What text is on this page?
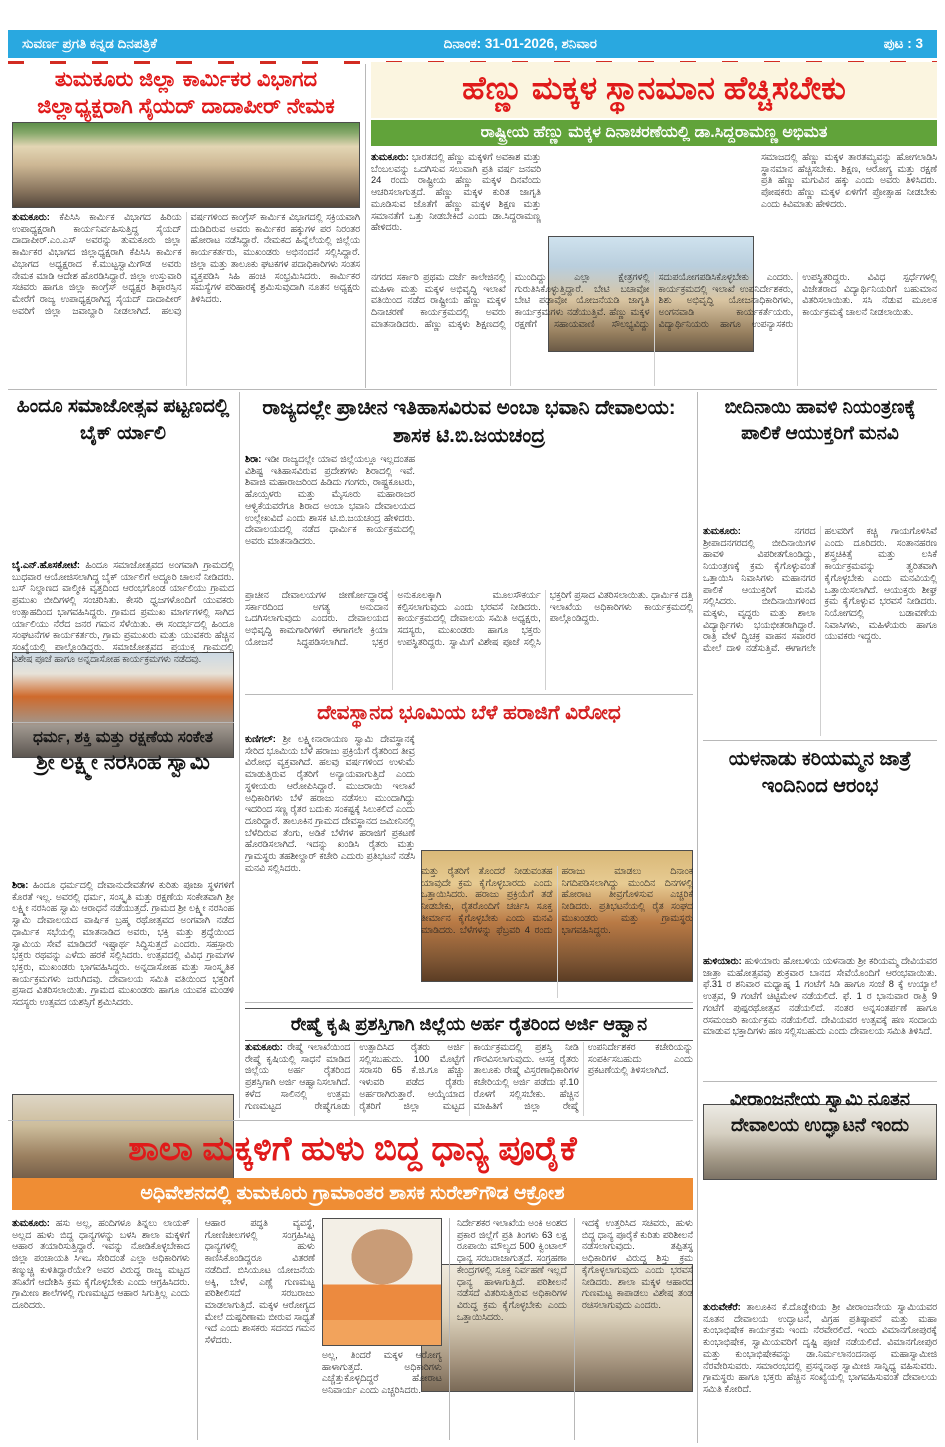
ಸುವರ್ಣ ಪ್ರಗತಿ ಕನ್ನಡ ದಿನಪತ್ರಿಕೆ	ದಿನಾಂಕ: 31-01-2026, ಶನಿವಾರ	ಪುಟ : 3
ತುಮಕೂರು ಜಿಲ್ಲಾ ಕಾರ್ಮಿಕರ ವಿಭಾಗದ ಜಿಲ್ಲಾಧ್ಯಕ್ಷರಾಗಿ ಸೈಯದ್ ದಾದಾಪೀರ್ ನೇಮಕ
ತುಮಕೂರು: ಕೆಪಿಸಿಸಿ ಕಾರ್ಮಿಕ ವಿಭಾಗದ ಹಿರಿಯ ಉಪಾಧ್ಯಕ್ಷರಾಗಿ ಕಾರ್ಯನಿರ್ವಹಿಸುತ್ತಿದ್ದ ಸೈಯದ್ ದಾದಾಪೀರ್.ಎಂ.ಎಸ್ ಅವರನ್ನು ತುಮಕೂರು ಜಿಲ್ಲಾ ಕಾರ್ಮಿಕರ ವಿಭಾಗದ ಜಿಲ್ಲಾಧ್ಯಕ್ಷರಾಗಿ ಕೆಪಿಸಿಸಿ ಕಾರ್ಮಿಕ ವಿಭಾಗದ ಅಧ್ಯಕ್ಷರಾದ ಕೆ.ಮುಟ್ಟಸ್ವಾಮಿಗೌಡ ಅವರು ನೇಮಕ ಮಾಡಿ ಆದೇಶ ಹೊರಡಿಸಿದ್ದಾರೆ. ಜಿಲ್ಲಾ ಉಸ್ತುವಾರಿ ಸಚಿವರು ಹಾಗೂ ಜಿಲ್ಲಾ ಕಾಂಗ್ರೆಸ್ ಅಧ್ಯಕ್ಷರ ಶಿಫಾರಸ್ಸಿನ ಮೇರೆಗೆ ರಾಜ್ಯ ಉಪಾಧ್ಯಕ್ಷರಾಗಿದ್ದ ಸೈಯದ್ ದಾದಾಪೀರ್ ಅವರಿಗೆ ಜಿಲ್ಲಾ ಜವಾಬ್ದಾರಿ ನೀಡಲಾಗಿದೆ. ಹಲವು ವರ್ಷಗಳಿಂದ ಕಾಂಗ್ರೆಸ್ ಕಾರ್ಮಿಕ ವಿಭಾಗದಲ್ಲಿ ಸಕ್ರಿಯವಾಗಿ ದುಡಿದಿರುವ ಅವರು ಕಾರ್ಮಿಕರ ಹಕ್ಕುಗಳ ಪರ ನಿರಂತರ ಹೋರಾಟ ನಡೆಸಿದ್ದಾರೆ. ನೇಮಕದ ಹಿನ್ನೆಲೆಯಲ್ಲಿ ಜಿಲ್ಲೆಯ ಕಾರ್ಯಕರ್ತರು, ಮುಖಂಡರು ಅಭಿನಂದನೆ ಸಲ್ಲಿಸಿದ್ದಾರೆ. ಜಿಲ್ಲಾ ಮತ್ತು ತಾಲೂಕು ಘಟಕಗಳ ಪದಾಧಿಕಾರಿಗಳು ಸಂತಸ ವ್ಯಕ್ತಪಡಿಸಿ ಸಿಹಿ ಹಂಚಿ ಸಂಭ್ರಮಿಸಿದರು. ಕಾರ್ಮಿಕರ ಸಮಸ್ಯೆಗಳ ಪರಿಹಾರಕ್ಕೆ ಶ್ರಮಿಸುವುದಾಗಿ ನೂತನ ಅಧ್ಯಕ್ಷರು ತಿಳಿಸಿದರು.
ಹೆಣ್ಣು ಮಕ್ಕಳ ಸ್ಥಾನಮಾನ ಹೆಚ್ಚಿಸಬೇಕು
ರಾಷ್ಟ್ರೀಯ ಹೆಣ್ಣು ಮಕ್ಕಳ ದಿನಾಚರಣೆಯಲ್ಲಿ ಡಾ.ಸಿದ್ದರಾಮಣ್ಣ ಅಭಿಮತ
ತುಮಕೂರು: ಭಾರತದಲ್ಲಿ ಹೆಣ್ಣು ಮಕ್ಕಳಿಗೆ ಅವಕಾಶ ಮತ್ತು ಬೆಂಬಲವನ್ನು ಒದಗಿಸುವ ಸಲುವಾಗಿ ಪ್ರತಿ ವರ್ಷ ಜನವರಿ 24 ರಂದು ರಾಷ್ಟ್ರೀಯ ಹೆಣ್ಣು ಮಕ್ಕಳ ದಿನವೆಂದು ಆಚರಿಸಲಾಗುತ್ತದೆ. ಹೆಣ್ಣು ಮಕ್ಕಳ ಕುರಿತ ಜಾಗೃತಿ ಮೂಡಿಸುವ ಜೊತೆಗೆ ಹೆಣ್ಣು ಮಕ್ಕಳ ಶಿಕ್ಷಣ ಮತ್ತು ಸಮಾನತೆಗೆ ಒತ್ತು ನೀಡಬೇಕಿದೆ ಎಂದು ಡಾ.ಸಿದ್ದರಾಮಣ್ಣ ಹೇಳಿದರು.
ಸಮಾಜದಲ್ಲಿ ಹೆಣ್ಣು ಮಕ್ಕಳ ತಾರತಮ್ಯವನ್ನು ಹೋಗಲಾಡಿಸಿ ಸ್ಥಾನಮಾನ ಹೆಚ್ಚಿಸಬೇಕು. ಶಿಕ್ಷಣ, ಆರೋಗ್ಯ ಮತ್ತು ರಕ್ಷಣೆ ಪ್ರತಿ ಹೆಣ್ಣು ಮಗುವಿನ ಹಕ್ಕು ಎಂದು ಅವರು ತಿಳಿಸಿದರು. ಪೋಷಕರು ಹೆಣ್ಣು ಮಕ್ಕಳ ಏಳಿಗೆಗೆ ಪ್ರೋತ್ಸಾಹ ನೀಡಬೇಕು ಎಂದು ಕಿವಿಮಾತು ಹೇಳಿದರು.
ನಗರದ ಸರ್ಕಾರಿ ಪ್ರಥಮ ದರ್ಜೆ ಕಾಲೇಜಿನಲ್ಲಿ ಮಹಿಳಾ ಮತ್ತು ಮಕ್ಕಳ ಅಭಿವೃದ್ಧಿ ಇಲಾಖೆ ವತಿಯಿಂದ ನಡೆದ ರಾಷ್ಟ್ರೀಯ ಹೆಣ್ಣು ಮಕ್ಕಳ ದಿನಾಚರಣೆ ಕಾರ್ಯಕ್ರಮದಲ್ಲಿ ಅವರು ಮಾತನಾಡಿದರು. ಹೆಣ್ಣು ಮಕ್ಕಳು ಶಿಕ್ಷಣದಲ್ಲಿ ಮುಂದಿದ್ದು ಎಲ್ಲಾ ಕ್ಷೇತ್ರಗಳಲ್ಲಿ ಗುರುತಿಸಿಕೊಳ್ಳುತ್ತಿದ್ದಾರೆ. ಬೇಟಿ ಬಚಾವೋ ಬೇಟಿ ಪಢಾವೋ ಯೋಜನೆಯಡಿ ಜಾಗೃತಿ ಕಾರ್ಯಕ್ರಮಗಳು ನಡೆಯುತ್ತಿವೆ. ಹೆಣ್ಣು ಮಕ್ಕಳ ರಕ್ಷಣೆಗೆ ಸಹಾಯವಾಣಿ ಸೌಲಭ್ಯವಿದ್ದು ಸದುಪಯೋಗಪಡಿಸಿಕೊಳ್ಳಬೇಕು ಎಂದರು. ಕಾರ್ಯಕ್ರಮದಲ್ಲಿ ಇಲಾಖೆ ಉಪನಿರ್ದೇಶಕರು, ಶಿಶು ಅಭಿವೃದ್ಧಿ ಯೋಜನಾಧಿಕಾರಿಗಳು, ಅಂಗನವಾಡಿ ಕಾರ್ಯಕರ್ತೆಯರು, ವಿದ್ಯಾರ್ಥಿನಿಯರು ಹಾಗೂ ಉಪನ್ಯಾಸಕರು ಉಪಸ್ಥಿತರಿದ್ದರು. ವಿವಿಧ ಸ್ಪರ್ಧೆಗಳಲ್ಲಿ ವಿಜೇತರಾದ ವಿದ್ಯಾರ್ಥಿನಿಯರಿಗೆ ಬಹುಮಾನ ವಿತರಿಸಲಾಯಿತು. ಸಸಿ ನೆಡುವ ಮೂಲಕ ಕಾರ್ಯಕ್ರಮಕ್ಕೆ ಚಾಲನೆ ನೀಡಲಾಯಿತು.
ಹಿಂದೂ ಸಮಾಜೋತ್ಸವ ಪಟ್ಟಣದಲ್ಲಿ ಬೈಕ್ ರ್ಯಾಲಿ
ಬೈ.ಎನ್.ಹೊಸಕೋಟೆ: ಹಿಂದೂ ಸಮಾಜೋತ್ಸವದ ಅಂಗವಾಗಿ ಗ್ರಾಮದಲ್ಲಿ ಬುಧವಾರ ಆಯೋಜಿಸಲಾಗಿದ್ದ ಬೈಕ್ ರ್ಯಾಲಿಗೆ ಅದ್ದೂರಿ ಚಾಲನೆ ನೀಡಿದರು. ಬಸ್ ನಿಲ್ದಾಣದ ವಾಲ್ಮೀಕಿ ವೃತ್ತದಿಂದ ಆರಂಭಗೊಂಡ ರ್ಯಾಲಿಯು ಗ್ರಾಮದ ಪ್ರಮುಖ ಬೀದಿಗಳಲ್ಲಿ ಸಂಚರಿಸಿತು. ಕೇಸರಿ ಧ್ವಜಗಳೊಂದಿಗೆ ಯುವಕರು ಉತ್ಸಾಹದಿಂದ ಭಾಗವಹಿಸಿದ್ದರು. ಗ್ರಾಮದ ಪ್ರಮುಖ ಮಾರ್ಗಗಳಲ್ಲಿ ಸಾಗಿದ ರ್ಯಾಲಿಯು ನೆರೆದ ಜನರ ಗಮನ ಸೆಳೆಯಿತು. ಈ ಸಂದರ್ಭದಲ್ಲಿ ಹಿಂದೂ ಸಂಘಟನೆಗಳ ಕಾರ್ಯಕರ್ತರು, ಗ್ರಾಮ ಪ್ರಮುಖರು ಮತ್ತು ಯುವಕರು ಹೆಚ್ಚಿನ ಸಂಖ್ಯೆಯಲ್ಲಿ ಪಾಲ್ಗೊಂಡಿದ್ದರು. ಸಮಾಜೋತ್ಸವದ ಪ್ರಯುಕ್ತ ಗ್ರಾಮದಲ್ಲಿ ವಿಶೇಷ ಪೂಜೆ ಹಾಗೂ ಅನ್ನದಾಸೋಹ ಕಾರ್ಯಕ್ರಮಗಳು ನಡೆದವು.
ಧರ್ಮ, ಶಕ್ತಿ ಮತ್ತು ರಕ್ಷಣೆಯ ಸಂಕೇತ
ಶ್ರೀ ಲಕ್ಷ್ಮೀ ನರಸಿಂಹ ಸ್ವಾಮಿ
ಶಿರಾ: ಹಿಂದೂ ಧರ್ಮದಲ್ಲಿ ದೇವಾನುದೇವತೆಗಳ ಕುರಿತು ಪೂಜಾ ಸ್ಥಳಗಳಿಗೆ ಕೊರತೆ ಇಲ್ಲ. ಅವರಲ್ಲಿ ಧರ್ಮ, ಸಂಸ್ಕೃತಿ ಮತ್ತು ರಕ್ಷಣೆಯ ಸಂಕೇತವಾಗಿ ಶ್ರೀ ಲಕ್ಷ್ಮೀ ನರಸಿಂಹ ಸ್ವಾಮಿ ಆರಾಧನೆ ನಡೆಯುತ್ತದೆ. ಗ್ರಾಮದ ಶ್ರೀ ಲಕ್ಷ್ಮೀ ನರಸಿಂಹ ಸ್ವಾಮಿ ದೇವಾಲಯದ ವಾರ್ಷಿಕ ಬ್ರಹ್ಮ ರಥೋತ್ಸವದ ಅಂಗವಾಗಿ ನಡೆದ ಧಾರ್ಮಿಕ ಸಭೆಯಲ್ಲಿ ಮಾತನಾಡಿದ ಅವರು, ಭಕ್ತಿ ಮತ್ತು ಶ್ರದ್ಧೆಯಿಂದ ಸ್ವಾಮಿಯ ಸೇವೆ ಮಾಡಿದರೆ ಇಷ್ಟಾರ್ಥ ಸಿದ್ಧಿಸುತ್ತದೆ ಎಂದರು. ಸಹಸ್ರಾರು ಭಕ್ತರು ರಥವನ್ನು ಎಳೆದು ಹರಕೆ ಸಲ್ಲಿಸಿದರು. ಉತ್ಸವದಲ್ಲಿ ವಿವಿಧ ಗ್ರಾಮಗಳ ಭಕ್ತರು, ಮುಖಂಡರು ಭಾಗವಹಿಸಿದ್ದರು. ಅನ್ನದಾಸೋಹ ಮತ್ತು ಸಾಂಸ್ಕೃತಿಕ ಕಾರ್ಯಕ್ರಮಗಳು ಜರುಗಿದವು. ದೇವಾಲಯ ಸಮಿತಿ ವತಿಯಿಂದ ಭಕ್ತರಿಗೆ ಪ್ರಸಾದ ವಿತರಿಸಲಾಯಿತು. ಗ್ರಾಮದ ಮುಖಂಡರು ಹಾಗೂ ಯುವಕ ಮಂಡಳಿ ಸದಸ್ಯರು ಉತ್ಸವದ ಯಶಸ್ಸಿಗೆ ಶ್ರಮಿಸಿದರು.
ರಾಜ್ಯದಲ್ಲೇ ಪ್ರಾಚೀನ ಇತಿಹಾಸವಿರುವ ಅಂಬಾ ಭವಾನಿ ದೇವಾಲಯ: ಶಾಸಕ ಟಿ.ಬಿ.ಜಯಚಂದ್ರ
ಶಿರಾ: ಇಡೀ ರಾಜ್ಯದಲ್ಲೇ ಯಾವ ಜಿಲ್ಲೆಯಲ್ಲೂ ಇಲ್ಲದಂತಹ ವಿಶಿಷ್ಟ ಇತಿಹಾಸವಿರುವ ಪ್ರದೇಶಗಳು ಶಿರಾದಲ್ಲಿ ಇವೆ. ಶಿವಾಜಿ ಮಹಾರಾಜರಿಂದ ಹಿಡಿದು ಗಂಗರು, ರಾಷ್ಟ್ರಕೂಟರು, ಹೊಯ್ಸಳರು ಮತ್ತು ಮೈಸೂರು ಮಹಾರಾಜರ ಆಳ್ವಿಕೆಯವರೆಗೂ ಶಿರಾದ ಅಂಬಾ ಭವಾನಿ ದೇವಾಲಯದ ಉಲ್ಲೇಖವಿದೆ ಎಂದು ಶಾಸಕ ಟಿ.ಬಿ.ಜಯಚಂದ್ರ ಹೇಳಿದರು. ದೇವಾಲಯದಲ್ಲಿ ನಡೆದ ಧಾರ್ಮಿಕ ಕಾರ್ಯಕ್ರಮದಲ್ಲಿ ಅವರು ಮಾತನಾಡಿದರು.
ಪ್ರಾಚೀನ ದೇವಾಲಯಗಳ ಜೀರ್ಣೋದ್ಧಾರಕ್ಕೆ ಸರ್ಕಾರದಿಂದ ಅಗತ್ಯ ಅನುದಾನ ಒದಗಿಸಲಾಗುವುದು ಎಂದರು. ದೇವಾಲಯದ ಅಭಿವೃದ್ಧಿ ಕಾಮಗಾರಿಗಳಿಗೆ ಈಗಾಗಲೇ ಕ್ರಿಯಾ ಯೋಜನೆ ಸಿದ್ಧಪಡಿಸಲಾಗಿದೆ. ಭಕ್ತರ ಅನುಕೂಲಕ್ಕಾಗಿ ಮೂಲಸೌಕರ್ಯ ಕಲ್ಪಿಸಲಾಗುವುದು ಎಂದು ಭರವಸೆ ನೀಡಿದರು. ಕಾರ್ಯಕ್ರಮದಲ್ಲಿ ದೇವಾಲಯ ಸಮಿತಿ ಅಧ್ಯಕ್ಷರು, ಸದಸ್ಯರು, ಮುಖಂಡರು ಹಾಗೂ ಭಕ್ತರು ಉಪಸ್ಥಿತರಿದ್ದರು. ಸ್ವಾಮಿಗೆ ವಿಶೇಷ ಪೂಜೆ ಸಲ್ಲಿಸಿ ಭಕ್ತರಿಗೆ ಪ್ರಸಾದ ವಿತರಿಸಲಾಯಿತು. ಧಾರ್ಮಿಕ ದತ್ತಿ ಇಲಾಖೆಯ ಅಧಿಕಾರಿಗಳು ಕಾರ್ಯಕ್ರಮದಲ್ಲಿ ಪಾಲ್ಗೊಂಡಿದ್ದರು.
ದೇವಸ್ಥಾನದ ಭೂಮಿಯ ಬೆಳೆ ಹರಾಜಿಗೆ ವಿರೋಧ
ಕುಣಿಗಲ್: ಶ್ರೀ ಲಕ್ಷ್ಮೀನಾರಾಯಣ ಸ್ವಾಮಿ ದೇವಸ್ಥಾನಕ್ಕೆ ಸೇರಿದ ಭೂಮಿಯ ಬೆಳೆ ಹರಾಜು ಪ್ರಕ್ರಿಯೆಗೆ ರೈತರಿಂದ ತೀವ್ರ ವಿರೋಧ ವ್ಯಕ್ತವಾಗಿದೆ. ಹಲವು ವರ್ಷಗಳಿಂದ ಉಳುಮೆ ಮಾಡುತ್ತಿರುವ ರೈತರಿಗೆ ಅನ್ಯಾಯವಾಗುತ್ತಿದೆ ಎಂದು ಸ್ಥಳೀಯರು ಆರೋಪಿಸಿದ್ದಾರೆ. ಮುಜರಾಯಿ ಇಲಾಖೆ ಅಧಿಕಾರಿಗಳು ಬೆಳೆ ಹರಾಜು ನಡೆಸಲು ಮುಂದಾಗಿದ್ದು ಇದರಿಂದ ಸಣ್ಣ ರೈತರ ಬದುಕು ಸಂಕಷ್ಟಕ್ಕೆ ಸಿಲುಕಲಿದೆ ಎಂದು ದೂರಿದ್ದಾರೆ. ತಾಲೂಕಿನ ಗ್ರಾಮದ ದೇವಸ್ಥಾನದ ಜಮೀನಿನಲ್ಲಿ ಬೆಳೆದಿರುವ ತೆಂಗು, ಅಡಿಕೆ ಬೆಳೆಗಳ ಹರಾಜಿಗೆ ಪ್ರಕಟಣೆ ಹೊರಡಿಸಲಾಗಿದೆ. ಇದನ್ನು ಖಂಡಿಸಿ ರೈತರು ಮತ್ತು ಗ್ರಾಮಸ್ಥರು ತಹಶೀಲ್ದಾರ್ ಕಚೇರಿ ಎದುರು ಪ್ರತಿಭಟನೆ ನಡೆಸಿ ಮನವಿ ಸಲ್ಲಿಸಿದರು.	ಮತ್ತು ರೈತರಿಗೆ ತೊಂದರೆ ನೀಡುವಂತಹ ಯಾವುದೇ ಕ್ರಮ ಕೈಗೊಳ್ಳಬಾರದು ಎಂದು ಒತ್ತಾಯಿಸಿದರು. ಹರಾಜು ಪ್ರಕ್ರಿಯೆಗೆ ತಡೆ ನೀಡಬೇಕು, ರೈತರೊಂದಿಗೆ ಚರ್ಚಿಸಿ ಸೂಕ್ತ ತೀರ್ಮಾನ ಕೈಗೊಳ್ಳಬೇಕು ಎಂದು ಮನವಿ ಮಾಡಿದರು. ಬೆಳೆಗಳನ್ನು ಫೆಬ್ರವರಿ 4 ರಂದು ಹರಾಜು ಮಾಡಲು ದಿನಾಂಕ ನಿಗದಿಪಡಿಸಲಾಗಿದ್ದು ಮುಂದಿನ ದಿನಗಳಲ್ಲಿ ಹೋರಾಟ ತೀವ್ರಗೊಳಿಸುವ ಎಚ್ಚರಿಕೆ ನೀಡಿದರು. ಪ್ರತಿಭಟನೆಯಲ್ಲಿ ರೈತ ಸಂಘದ ಮುಖಂಡರು ಮತ್ತು ಗ್ರಾಮಸ್ಥರು ಭಾಗವಹಿಸಿದ್ದರು.
ರೇಷ್ಮೆ ಕೃಷಿ ಪ್ರಶಸ್ತಿಗಾಗಿ ಜಿಲ್ಲೆಯ ಅರ್ಹ ರೈತರಿಂದ ಅರ್ಜಿ ಆಹ್ವಾನ
ತುಮಕೂರು: ರೇಷ್ಮೆ ಇಲಾಖೆಯಿಂದ ರೇಷ್ಮೆ ಕೃಷಿಯಲ್ಲಿ ಸಾಧನೆ ಮಾಡಿದ ಜಿಲ್ಲೆಯ ಅರ್ಹ ರೈತರಿಂದ ಪ್ರಶಸ್ತಿಗಾಗಿ ಅರ್ಜಿ ಆಹ್ವಾನಿಸಲಾಗಿದೆ. ಕಳೆದ ಸಾಲಿನಲ್ಲಿ ಉತ್ತಮ ಗುಣಮಟ್ಟದ ರೇಷ್ಮೆಗೂಡು ಉತ್ಪಾದಿಸಿದ ರೈತರು ಅರ್ಜಿ ಸಲ್ಲಿಸಬಹುದು. 100 ಮೊಟ್ಟೆಗೆ ಸರಾಸರಿ 65 ಕೆ.ಜಿ.ಗೂ ಹೆಚ್ಚು ಇಳುವರಿ ಪಡೆದ ರೈತರು ಅರ್ಹರಾಗಿರುತ್ತಾರೆ. ಆಯ್ಕೆಯಾದ ರೈತರಿಗೆ ಜಿಲ್ಲಾ ಮಟ್ಟದ ಕಾರ್ಯಕ್ರಮದಲ್ಲಿ ಪ್ರಶಸ್ತಿ ನೀಡಿ ಗೌರವಿಸಲಾಗುವುದು. ಆಸಕ್ತ ರೈತರು ತಾಲೂಕು ರೇಷ್ಮೆ ವಿಸ್ತರಣಾಧಿಕಾರಿಗಳ ಕಚೇರಿಯಲ್ಲಿ ಅರ್ಜಿ ಪಡೆದು ಫೆ.10 ರೊಳಗೆ ಸಲ್ಲಿಸಬೇಕು. ಹೆಚ್ಚಿನ ಮಾಹಿತಿಗೆ ಜಿಲ್ಲಾ ರೇಷ್ಮೆ ಉಪನಿರ್ದೇಶಕರ ಕಚೇರಿಯನ್ನು ಸಂಪರ್ಕಿಸಬಹುದು ಎಂದು ಪ್ರಕಟಣೆಯಲ್ಲಿ ತಿಳಿಸಲಾಗಿದೆ.
ಬೀದಿನಾಯಿ ಹಾವಳಿ ನಿಯಂತ್ರಣಕ್ಕೆ ಪಾಲಿಕೆ ಆಯುಕ್ತರಿಗೆ ಮನವಿ
ತುಮಕೂರು:	ನಗರದ ಶ್ರೀಪಾದನಗರದಲ್ಲಿ ಬೀದಿನಾಯಿಗಳ ಹಾವಳಿ ವಿಪರೀತಗೊಂಡಿದ್ದು, ನಿಯಂತ್ರಣಕ್ಕೆ ಕ್ರಮ ಕೈಗೊಳ್ಳುವಂತೆ ಒತ್ತಾಯಿಸಿ ನಿವಾಸಿಗಳು ಮಹಾನಗರ ಪಾಲಿಕೆ ಆಯುಕ್ತರಿಗೆ ಮನವಿ ಸಲ್ಲಿಸಿದರು. ಬೀದಿನಾಯಿಗಳಿಂದ ಮಕ್ಕಳು, ವೃದ್ಧರು ಮತ್ತು ಶಾಲಾ ವಿದ್ಯಾರ್ಥಿಗಳು ಭಯಭೀತರಾಗಿದ್ದಾರೆ. ರಾತ್ರಿ ವೇಳೆ ದ್ವಿಚಕ್ರ ವಾಹನ ಸವಾರರ ಮೇಲೆ ದಾಳಿ ನಡೆಸುತ್ತಿವೆ. ಈಗಾಗಲೇ ಹಲವರಿಗೆ ಕಚ್ಚಿ ಗಾಯಗೊಳಿಸಿವೆ ಎಂದು ದೂರಿದರು. ಸಂತಾನಹರಣ ಶಸ್ತ್ರಚಿಕಿತ್ಸೆ ಮತ್ತು ಲಸಿಕೆ ಕಾರ್ಯಕ್ರಮವನ್ನು ತ್ವರಿತವಾಗಿ ಕೈಗೊಳ್ಳಬೇಕು ಎಂದು ಮನವಿಯಲ್ಲಿ ಒತ್ತಾಯಿಸಲಾಗಿದೆ. ಆಯುಕ್ತರು ಶೀಘ್ರ ಕ್ರಮ ಕೈಗೊಳ್ಳುವ ಭರವಸೆ ನೀಡಿದರು. ನಿಯೋಗದಲ್ಲಿ ಬಡಾವಣೆಯ ನಿವಾಸಿಗಳು, ಮಹಿಳೆಯರು ಹಾಗೂ ಯುವಕರು ಇದ್ದರು.
ಯಳನಾಡು ಕರಿಯಮ್ಮನ ಜಾತ್ರೆ ಇಂದಿನಿಂದ ಆರಂಭ
ಹುಳಿಯಾರು: ಹುಳಿಯಾರು ಹೋಬಳಿಯ ಯಳನಾಡು ಶ್ರೀ ಕರಿಯಮ್ಮ ದೇವಿಯವರ ಜಾತ್ರಾ ಮಹೋತ್ಸವವು ಶುಕ್ರವಾರ ಬಾನದ ಸೇವೆಯೊಂದಿಗೆ ಆರಂಭವಾಯಿತು. ಫೆ.31 ರ ಶನಿವಾರ ಮಧ್ಯಾಹ್ನ 1 ಗಂಟೆಗೆ ಸಿಡಿ ಹಾಗೂ ಸಂಜೆ 8 ಕ್ಕೆ ಉಯ್ಯಾಲೆ ಉತ್ಸವ, 9 ಗಂಟೆಗೆ ಚಿಟ್ಟಿಮೇಳ ನಡೆಯಲಿದೆ. ಫೆ. 1 ರ ಭಾನುವಾರ ರಾತ್ರಿ 9 ಗಂಟೆಗೆ ಪುಷ್ಪರಥೋತ್ಸವ ನಡೆಯಲಿದೆ. ನಂತರ ಅನ್ನಸಂತರ್ಪಣೆ ಹಾಗೂ ರಸಮಂಜರಿ ಕಾರ್ಯಕ್ರಮ ನಡೆಯಲಿದೆ. ದೇವಿಯವರ ಉತ್ಸವಕ್ಕೆ ಹಣ ಸಂದಾಯ ಮಾಡುವ ಭಕ್ತಾದಿಗಳು ಹಣ ಸಲ್ಲಿಸಬಹುದು ಎಂದು ದೇವಾಲಯ ಸಮಿತಿ ತಿಳಿಸಿದೆ.
ವೀರಾಂಜನೇಯ ಸ್ವಾಮಿ ನೂತನ ದೇವಾಲಯ ಉದ್ಘಾಟನೆ ಇಂದು
ತುರುವೇಕೆರೆ: ತಾಲೂಕಿನ ಕೆ.ದೊಡ್ಡೇರಿಯ ಶ್ರೀ ವೀರಾಂಜನೇಯ ಸ್ವಾಮಿಯವರ ನೂತನ ದೇವಾಲಯ ಉದ್ಘಾಟನೆ, ವಿಗ್ರಹ ಪ್ರತಿಷ್ಠಾಪನೆ ಮತ್ತು ಮಹಾ ಕುಂಭಾಭಿಷೇಕ ಕಾರ್ಯಕ್ರಮ ಇಂದು ನೆರವೇರಲಿದೆ. ಇಂದು ವಿಮಾನಗೋಪುರಕ್ಕೆ ಕುಂಭಾಭಿಷೇಕ, ಸ್ವಾಮಿಯವರಿಗೆ ದೃಷ್ಟಿ ಪೂಜೆ ನಡೆಯಲಿದೆ. ವಿಮಾನಗೋಪುರ ಮತ್ತು ಕುಂಭಾಭಿಷೇಕವನ್ನು ಡಾ.ನಿರ್ಮಲಾನಂದನಾಥ ಮಹಾಸ್ವಾಮೀಜಿ ನೆರವೇರಿಸುವರು. ಸಮಾರಂಭದಲ್ಲಿ ಪ್ರಸನ್ನನಾಥ ಸ್ವಾಮೀಜಿ ಸಾನ್ನಿಧ್ಯ ವಹಿಸುವರು. ಗ್ರಾಮಸ್ಥರು ಹಾಗೂ ಭಕ್ತರು ಹೆಚ್ಚಿನ ಸಂಖ್ಯೆಯಲ್ಲಿ ಭಾಗವಹಿಸುವಂತೆ ದೇವಾಲಯ ಸಮಿತಿ ಕೋರಿದೆ.
ಶಾಲಾ ಮಕ್ಕಳಿಗೆ ಹುಳು ಬಿದ್ದ ಧಾನ್ಯ ಪೂರೈಕೆ
ಅಧಿವೇಶನದಲ್ಲಿ ತುಮಕೂರು ಗ್ರಾಮಾಂತರ ಶಾಸಕ ಸುರೇಶ್‌ಗೌಡ ಆಕ್ರೋಶ
ತುಮಕೂರು: ಹಸು ಅಲ್ಲ, ಹಂದಿಗಳೂ ತಿನ್ನಲು ಲಾಯಕ್ ಅಲ್ಲದ ಹುಳು ಬಿದ್ದ ಧಾನ್ಯಗಳನ್ನು ಬಳಸಿ ಶಾಲಾ ಮಕ್ಕಳಿಗೆ ಆಹಾರ ತಯಾರಿಸುತ್ತಿದ್ದಾರೆ. ಇವನ್ನು ನೋಡಿಕೊಳ್ಳಬೇಕಾದ ಜಿಲ್ಲಾ ಪಂಚಾಯತಿ ಸಿಇಒ ಸೇರಿದಂತೆ ಎಲ್ಲಾ ಅಧಿಕಾರಿಗಳು ಕಣ್ಮುಚ್ಚಿ ಕುಳಿತಿದ್ದಾರೆಯೇ? ಅವರ ವಿರುದ್ಧ ರಾಜ್ಯ ಮಟ್ಟದ ತನಿಖೆಗೆ ಆದೇಶಿಸಿ ಕ್ರಮ ಕೈಗೊಳ್ಳಬೇಕು ಎಂದು ಆಗ್ರಹಿಸಿದರು. ಗ್ರಾಮೀಣ ಶಾಲೆಗಳಲ್ಲಿ ಗುಣಮಟ್ಟದ ಆಹಾರ ಸಿಗುತ್ತಿಲ್ಲ ಎಂದು ದೂರಿದರು.
ಆಹಾರ ಪದ್ಧತಿ ವ್ಯವಸ್ಥೆ, ಗೋಣಿಚೀಲಗಳಲ್ಲಿ ಸಂಗ್ರಹಿಸಿಟ್ಟ ಧಾನ್ಯಗಳಲ್ಲಿ ಹುಳು ಕಾಣಿಸಿಕೊಂಡಿದ್ದರೂ ವಿತರಣೆ ನಡೆದಿದೆ. ಬಿಸಿಯೂಟ ಯೋಜನೆಯ ಅಕ್ಕಿ, ಬೇಳೆ, ಎಣ್ಣೆ ಗುಣಮಟ್ಟ ಪರಿಶೀಲಿಸದೆ ಸರಬರಾಜು ಮಾಡಲಾಗುತ್ತಿದೆ. ಮಕ್ಕಳ ಆರೋಗ್ಯದ ಮೇಲೆ ದುಷ್ಪರಿಣಾಮ ಬೀರುವ ಸಾಧ್ಯತೆ ಇದೆ ಎಂದು ಶಾಸಕರು ಸದನದ ಗಮನ ಸೆಳೆದರು.
ಅಲ್ಲ, ತಿಂದರೆ ಮಕ್ಕಳ ಆರೋಗ್ಯ ಹಾಳಾಗುತ್ತದೆ. ಅಧಿಕಾರಿಗಳು ಎಚ್ಚೆತ್ತುಕೊಳ್ಳದಿದ್ದರೆ ಹೋರಾಟ ಅನಿವಾರ್ಯ ಎಂದು ಎಚ್ಚರಿಸಿದರು.
ನಿರ್ದೇಶಕರ ಇಲಾಖೆಯ ಅಂಕಿ ಅಂಶದ ಪ್ರಕಾರ ಜಿಲ್ಲೆಗೆ ಪ್ರತಿ ತಿಂಗಳು 63 ಲಕ್ಷ ರೂಪಾಯಿ ಮೌಲ್ಯದ 500 ಕ್ವಿಂಟಾಲ್ ಧಾನ್ಯ ಸರಬರಾಜಾಗುತ್ತದೆ. ಸಂಗ್ರಹಣಾ ಕೇಂದ್ರಗಳಲ್ಲಿ ಸೂಕ್ತ ನಿರ್ವಹಣೆ ಇಲ್ಲದೆ ಧಾನ್ಯ ಹಾಳಾಗುತ್ತಿದೆ. ಪರಿಶೀಲನೆ ನಡೆಸದೆ ವಿತರಿಸುತ್ತಿರುವ ಅಧಿಕಾರಿಗಳ ವಿರುದ್ಧ ಕ್ರಮ ಕೈಗೊಳ್ಳಬೇಕು ಎಂದು ಒತ್ತಾಯಿಸಿದರು.
ಇದಕ್ಕೆ ಉತ್ತರಿಸಿದ ಸಚಿವರು, ಹುಳು ಬಿದ್ದ ಧಾನ್ಯ ಪೂರೈಕೆ ಕುರಿತು ಪರಿಶೀಲನೆ ನಡೆಸಲಾಗುವುದು. ತಪ್ಪಿತಸ್ಥ ಅಧಿಕಾರಿಗಳ ವಿರುದ್ಧ ಶಿಸ್ತು ಕ್ರಮ ಕೈಗೊಳ್ಳಲಾಗುವುದು ಎಂದು ಭರವಸೆ ನೀಡಿದರು. ಶಾಲಾ ಮಕ್ಕಳ ಆಹಾರದ ಗುಣಮಟ್ಟ ಕಾಪಾಡಲು ವಿಶೇಷ ತಂಡ ರಚಿಸಲಾಗುವುದು ಎಂದರು.
